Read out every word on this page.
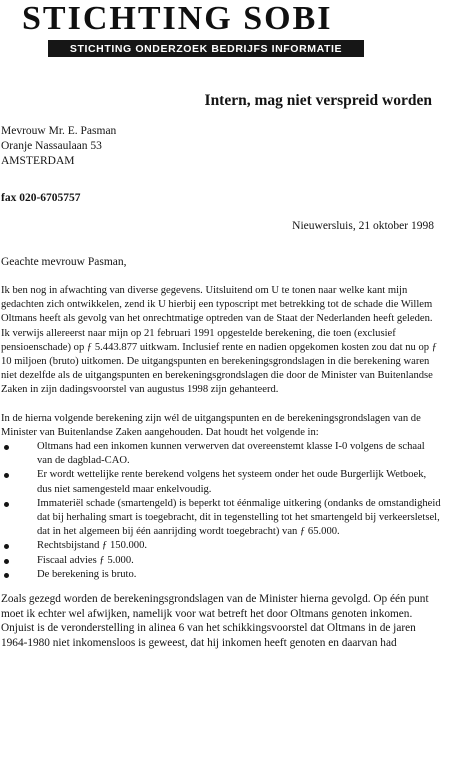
STICHTING SOBI
STICHTING ONDERZOEK BEDRIJFS INFORMATIE
Intern, mag niet verspreid worden
Mevrouw Mr. E. Pasman
Oranje Nassaulaan 53
AMSTERDAM
fax 020-6705757
Nieuwersluis, 21 oktober 1998
Geachte mevrouw Pasman,

Ik ben nog in afwachting van diverse gegevens. Uitsluitend om U te tonen naar welke kant mijn gedachten zich ontwikkelen, zend ik U hierbij een typoscript met betrekking tot de schade die Willem Oltmans heeft als gevolg van het onrechtmatige optreden van de Staat der Nederlanden heeft geleden.

Ik verwijs allereerst naar mijn op 21 februari 1991 opgestelde berekening, die toen (exclusief pensioenschade) op ƒ 5.443.877 uitkwam. Inclusief rente en nadien opgekomen kosten zou dat nu op ƒ 10 miljoen (bruto) uitkomen. De uitgangspunten en berekeningsgrondslagen in die berekening waren niet dezelfde als de uitgangspunten en berekeningsgrondslagen die door de Minister van Buitenlandse Zaken in zijn dadingsvoorstel van augustus 1998 zijn gehanteerd.

In de hierna volgende berekening zijn wél de uitgangspunten en de berekeningsgrondslagen van de Minister van Buitenlandse Zaken aangehouden. Dat houdt het volgende in:

Oltmans had een inkomen kunnen verwerven dat overeenstemt klasse I-0 volgens de schaal van de dagblad-CAO.
Er wordt wettelijke rente berekend volgens het systeem onder het oude Burgerlijk Wetboek, dus niet samengesteld maar enkelvoudig.
Immateriël schade (smartengeld) is beperkt tot éénmalige uitkering (ondanks de omstandigheid dat bij herhaling smart is toegebracht, dit in tegenstelling tot het smartengeld bij verkeersletsel, dat in het algemeen bij één aanrijding wordt toegebracht) van ƒ 65.000.
Rechtsbijstand ƒ 150.000.
Fiscaal advies ƒ 5.000.
De berekening is bruto.

Zoals gezegd worden de berekeningsgrondslagen van de Minister hierna gevolgd. Op één punt moet ik echter wel afwijken, namelijk voor wat betreft het door Oltmans genoten inkomen. Onjuist is de veronderstelling in alinea 6 van het schikkingsvoorstel dat Oltmans in de jaren 1964-1980 niet inkomensloos is geweest, dat hij inkomen heeft genoten en daarvan had
